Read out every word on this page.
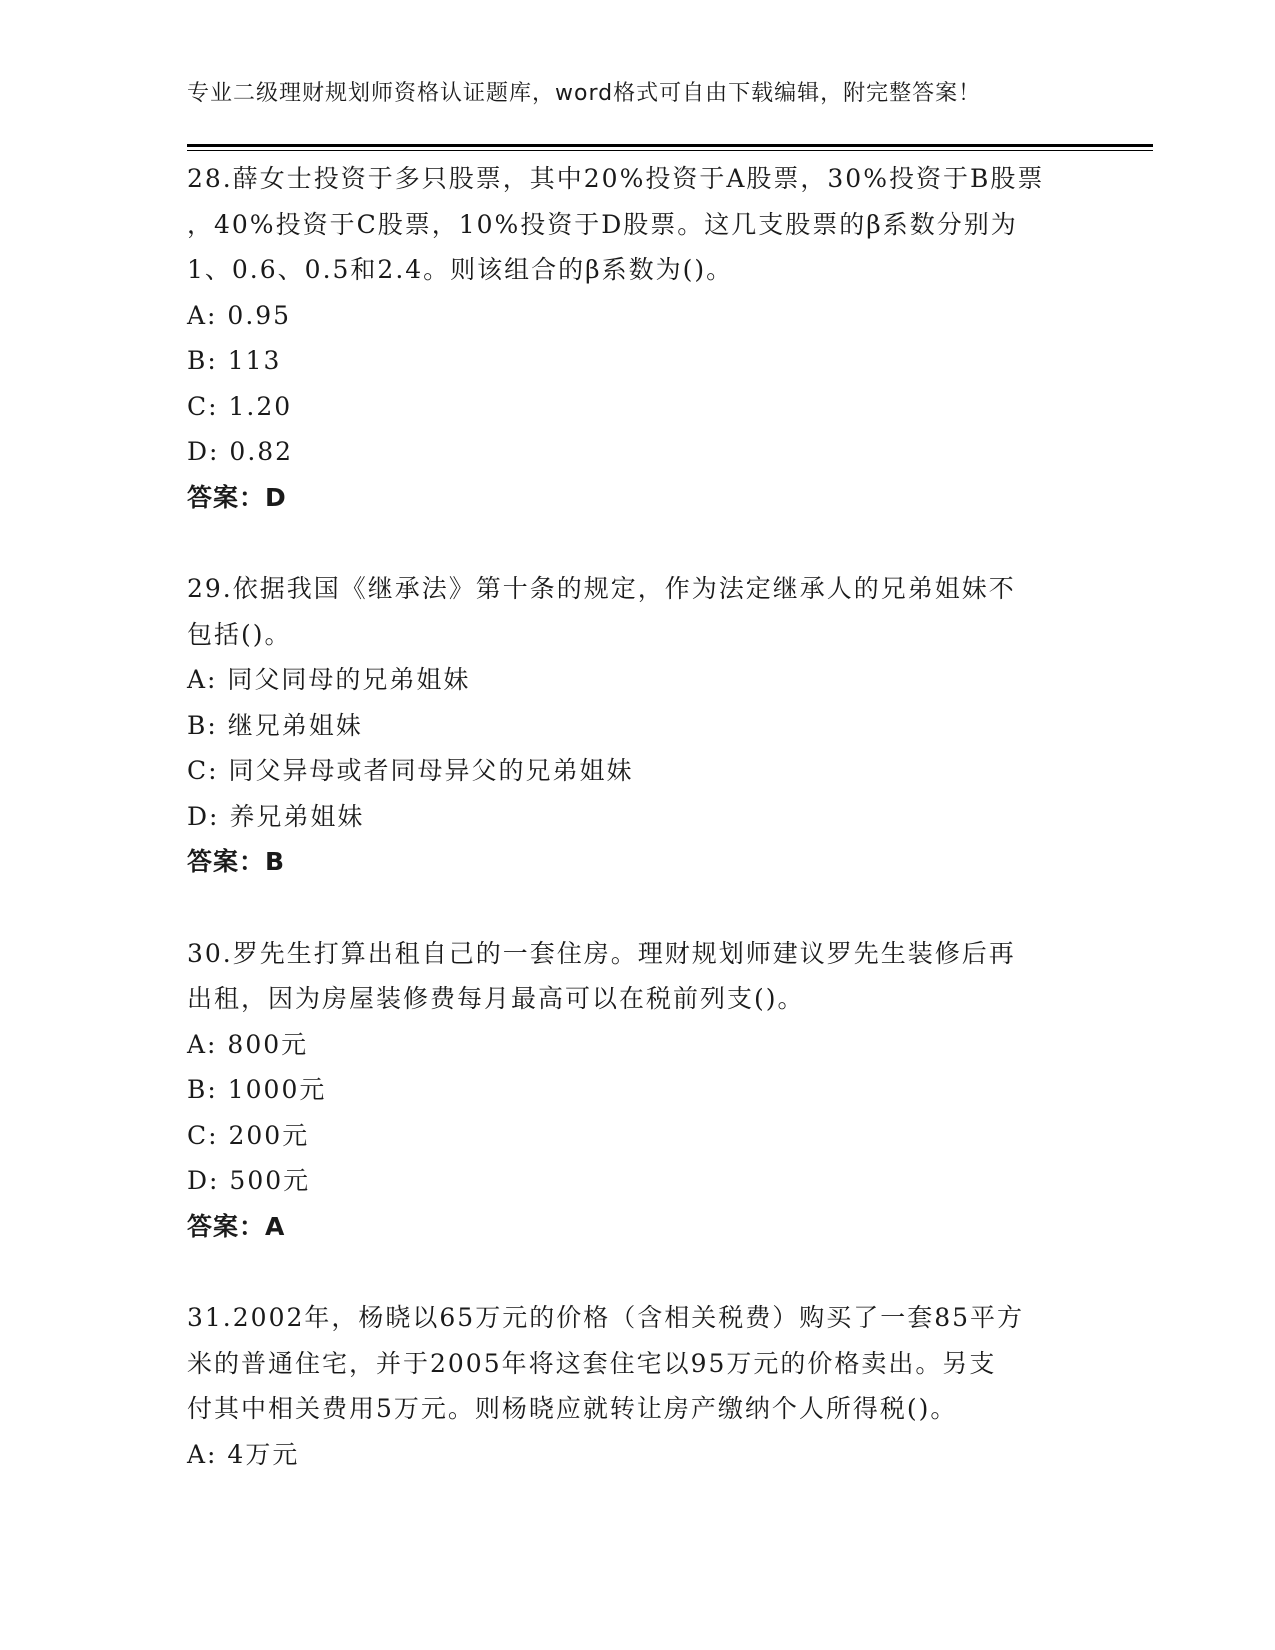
专业二级理财规划师资格认证题库，word格式可自由下载编辑，附完整答案！
28.薛女士投资于多只股票，其中20%投资于A股票，30%投资于B股票
，40%投资于C股票，10%投资于D股票。这几支股票的β系数分别为
1、0.6、0.5和2.4。则该组合的β系数为()。
A: 0.95
B: 113
C: 1.20
D: 0.82
答案：D
29.依据我国《继承法》第十条的规定，作为法定继承人的兄弟姐妹不
包括()。
A: 同父同母的兄弟姐妹
B: 继兄弟姐妹
C: 同父异母或者同母异父的兄弟姐妹
D: 养兄弟姐妹
答案：B
30.罗先生打算出租自己的一套住房。理财规划师建议罗先生装修后再
出租，因为房屋装修费每月最高可以在税前列支()。
A: 800元
B: 1000元
C: 200元
D: 500元
答案：A
31.2002年，杨晓以65万元的价格（含相关税费）购买了一套85平方
米的普通住宅，并于2005年将这套住宅以95万元的价格卖出。另支
付其中相关费用5万元。则杨晓应就转让房产缴纳个人所得税()。
A: 4万元
